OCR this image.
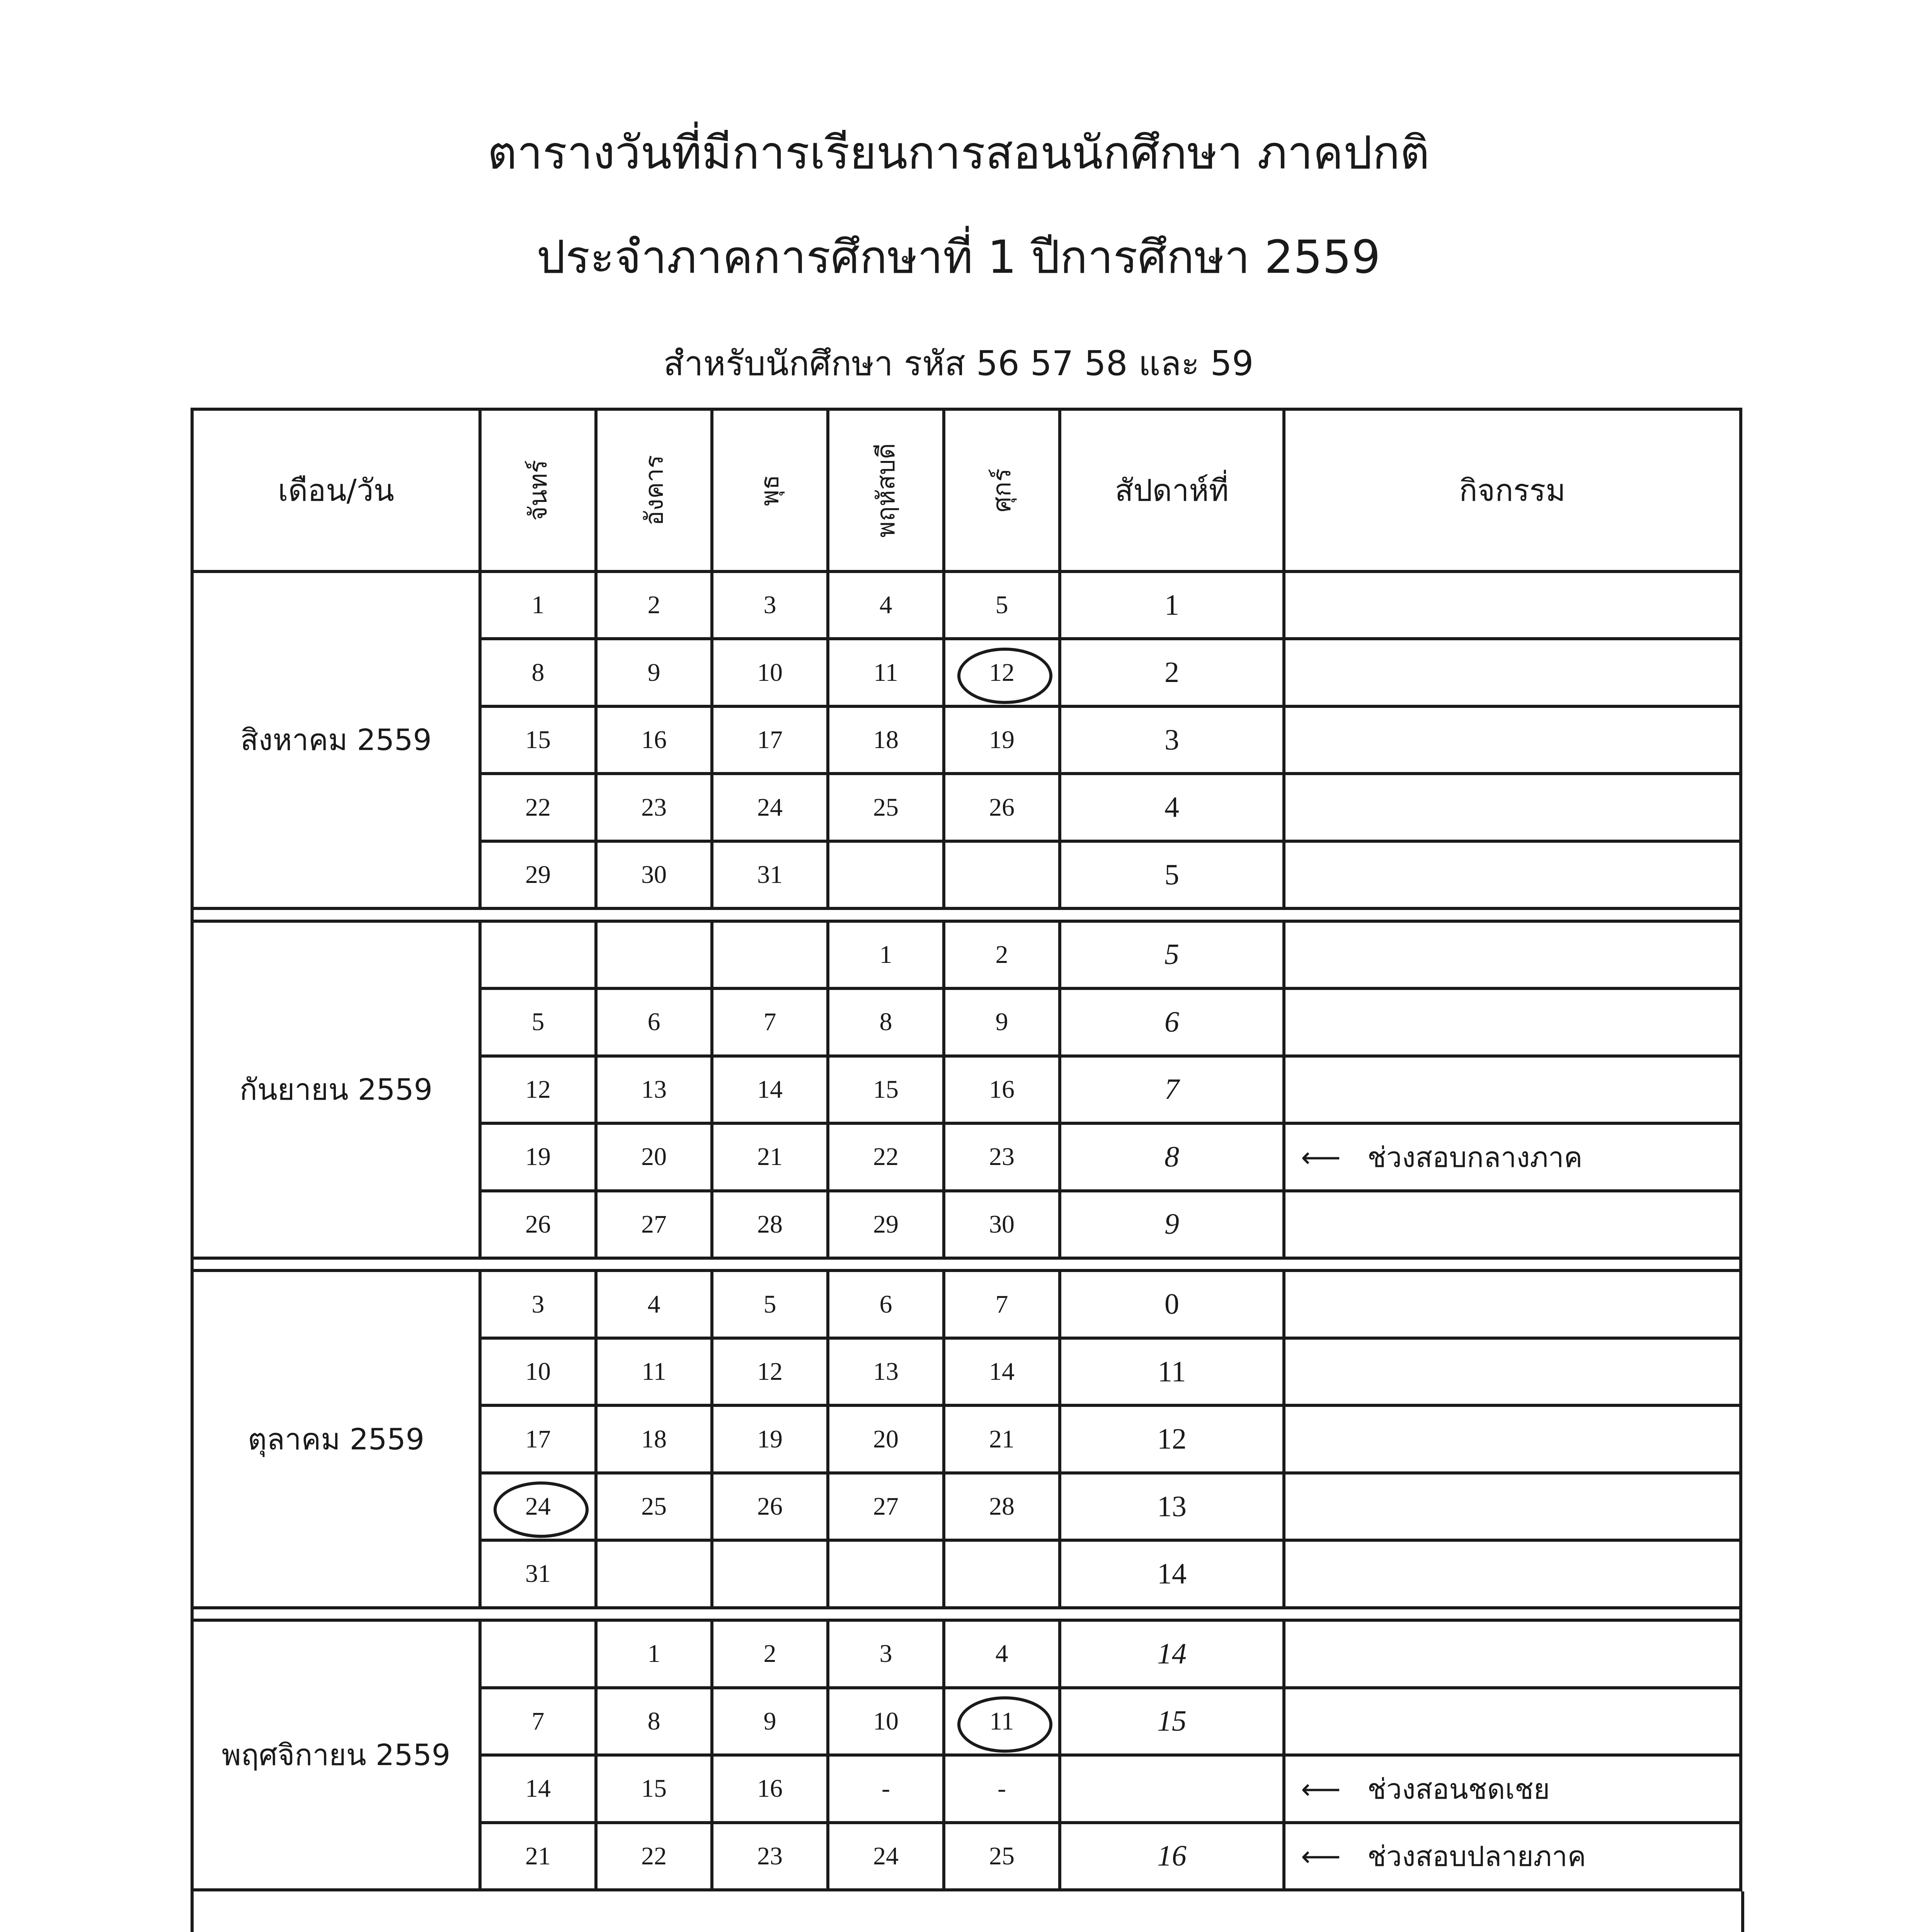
ตารางวันที่มีการเรียนการสอนนักศึกษา ภาคปกติ
ประจำภาคการศึกษาที่ 1 ปีการศึกษา 2559
สำหรับนักศึกษา รหัส 56 57 58 และ 59
เดือน/วัน	จันทร์	อังคาร	พุธ	พฤหัสบดี	ศุกร์	สัปดาห์ที่	กิจกรรม
สิงหาคม 2559	1	2	3	4	5	1	
	8	9	10	11	12	2	
	15	16	17	18	19	3	
	22	23	24	25	26	4	
	29	30	31			5	

กันยายน 2559				1	2	5	
	5	6	7	8	9	6	
	12	13	14	15	16	7	
	19	20	21	22	23	8	⟵   ช่วงสอบกลางภาค
	26	27	28	29	30	9	

ตุลาคม 2559	3	4	5	6	7	0	
	10	11	12	13	14	11	
	17	18	19	20	21	12	
	24	25	26	27	28	13	
	31					14	

พฤศจิกายน 2559		1	2	3	4	14	
	7	8	9	10	11	15	
	14	15	16	-	-		⟵   ช่วงสอนชดเชย
	21	22	23	24	25	16	⟵   ช่วงสอบปลายภาค
